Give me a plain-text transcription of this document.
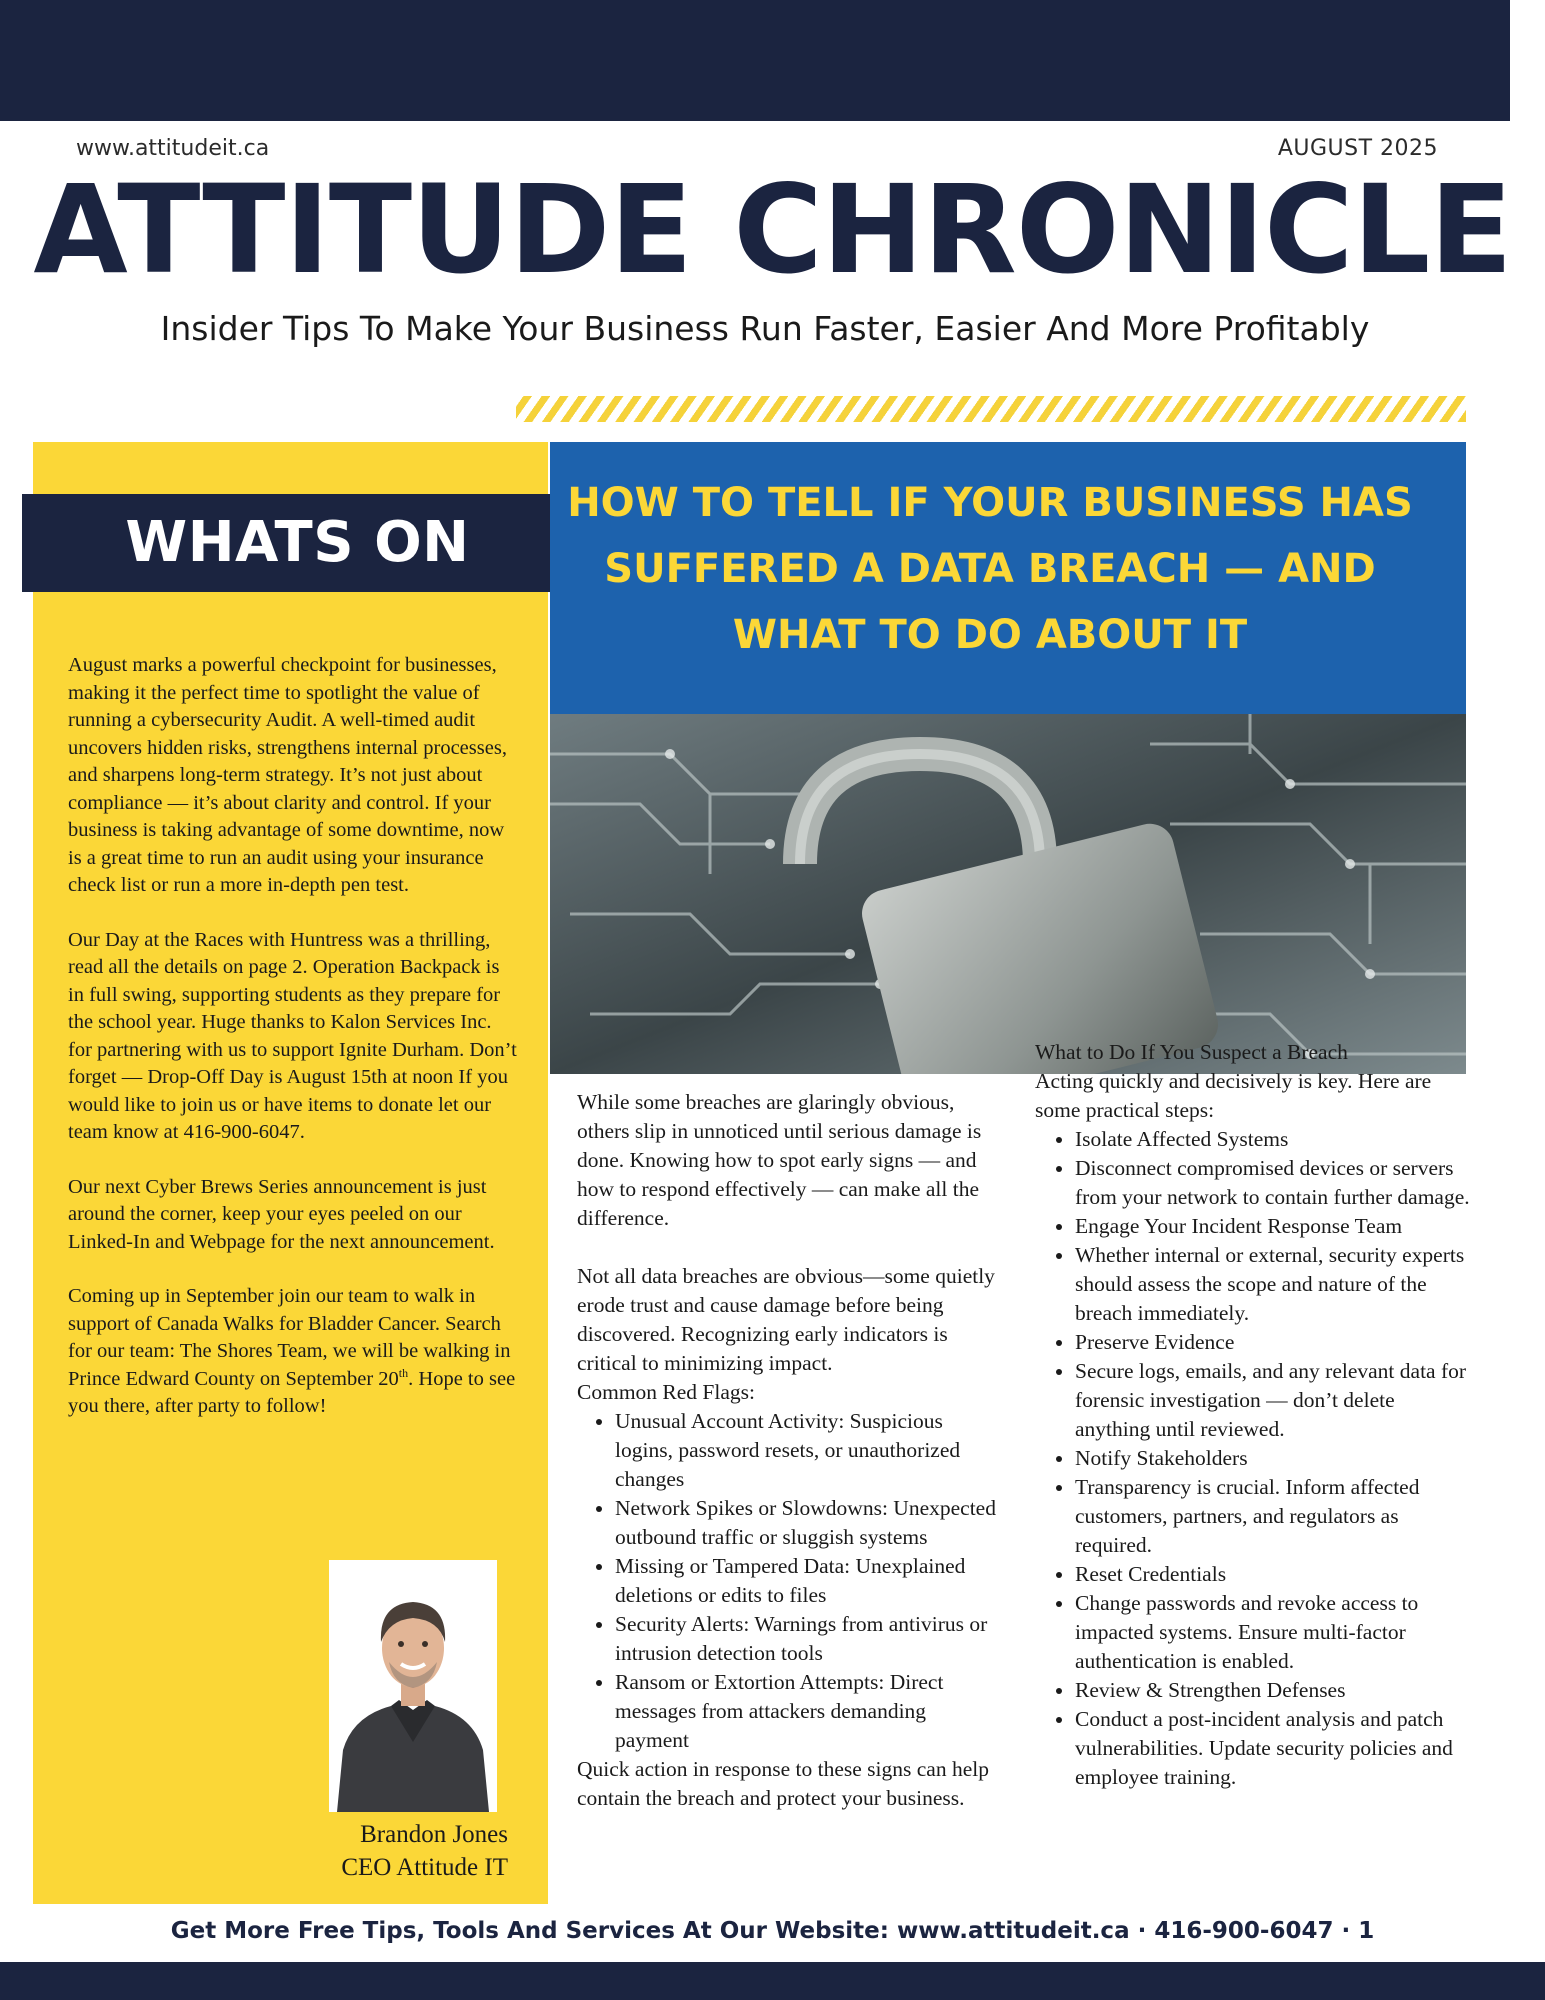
www.attitudeit.ca	AUGUST 2025
ATTITUDE CHRONICLE
Insider Tips To Make Your Business Run Faster, Easier And More Profitably
WHATS ON

August marks a powerful checkpoint for businesses, making it the perfect time to spotlight the value of running a cybersecurity Audit. A well-timed audit uncovers hidden risks, strengthens internal processes, and sharpens long-term strategy. It’s not just about compliance — it’s about clarity and control. If your business is taking advantage of some downtime, now is a great time to run an audit using your insurance check list or run a more in-depth pen test.

Our Day at the Races with Huntress was a thrilling, read all the details on page 2. Operation Backpack is in full swing, supporting students as they prepare for the school year. Huge thanks to Kalon Services Inc. for partnering with us to support Ignite Durham. Don’t forget — Drop-Off Day is August 15th at noon If you would like to join us or have items to donate let our team know at 416-900-6047.

Our next Cyber Brews Series announcement is just around the corner, keep your eyes peeled on our Linked-In and Webpage for the next announcement.

Coming up in September join our team to walk in support of Canada Walks for Bladder Cancer. Search for our team: The Shores Team, we will be walking in Prince Edward County on September 20th. Hope to see you there, after party to follow!

Brandon Jones
CEO Attitude IT
HOW TO TELL IF YOUR BUSINESS HAS SUFFERED A DATA BREACH — AND WHAT TO DO ABOUT IT

While some breaches are glaringly obvious, others slip in unnoticed until serious damage is done. Knowing how to spot early signs — and how to respond effectively — can make all the difference.

Not all data breaches are obvious—some quietly erode trust and cause damage before being discovered. Recognizing early indicators is critical to minimizing impact.

Common Red Flags:

• Unusual Account Activity: Suspicious logins, password resets, or unauthorized changes
• Network Spikes or Slowdowns: Unexpected outbound traffic or sluggish systems
• Missing or Tampered Data: Unexplained deletions or edits to files
• Security Alerts: Warnings from antivirus or intrusion detection tools
• Ransom or Extortion Attempts: Direct messages from attackers demanding payment

Quick action in response to these signs can help contain the breach and protect your business.

What to Do If You Suspect a Breach

Acting quickly and decisively is key. Here are some practical steps:

• Isolate Affected Systems
• Disconnect compromised devices or servers from your network to contain further damage.
• Engage Your Incident Response Team
• Whether internal or external, security experts should assess the scope and nature of the breach immediately.
• Preserve Evidence
• Secure logs, emails, and any relevant data for forensic investigation — don’t delete anything until reviewed.
• Notify Stakeholders
• Transparency is crucial. Inform affected customers, partners, and regulators as required.
• Reset Credentials
• Change passwords and revoke access to impacted systems. Ensure multi-factor authentication is enabled.
• Review & Strengthen Defenses
• Conduct a post-incident analysis and patch vulnerabilities. Update security policies and employee training.
Get More Free Tips, Tools And Services At Our Website: www.attitudeit.ca · 416-900-6047 · 1
